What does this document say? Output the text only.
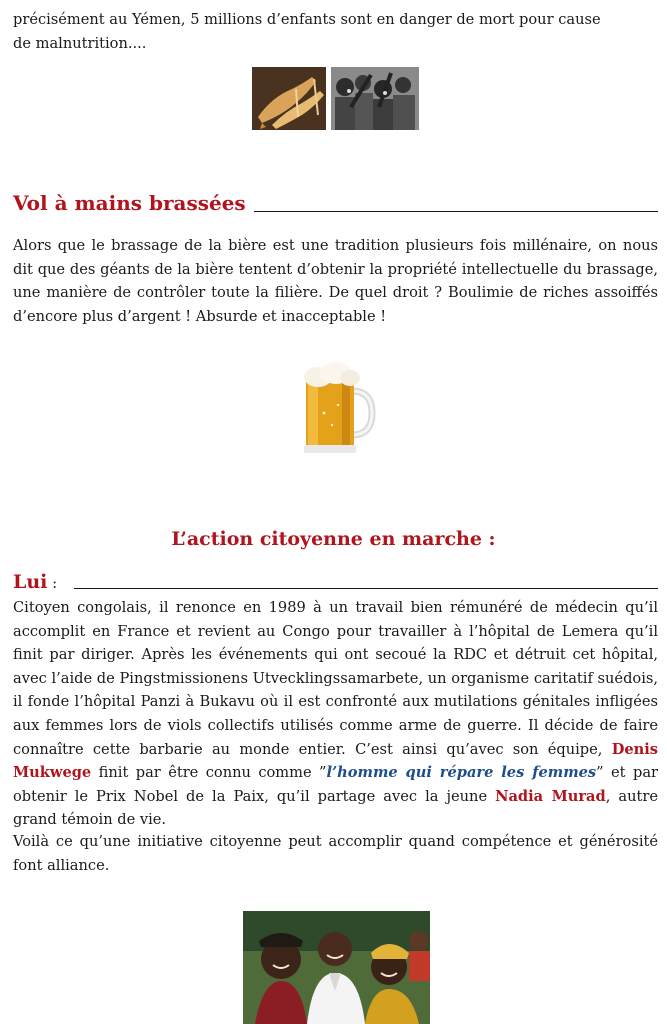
précisément au Yémen, 5 millions d’enfants sont en danger de mort pour cause
de malnutrition....

Vol à mains brassées

Alors que le brassage de la bière est une tradition plusieurs fois millénaire, on nous dit que des géants de la bière tentent d’obtenir la propriété intellectuelle du brassage, une manière de contrôler toute la filière. De quel droit ? Boulimie de riches assoiffés d’encore plus d’argent ! Absurde et inacceptable !

L’action citoyenne en marche :
Lui :

Citoyen congolais, il renonce en 1989 à un travail bien rémunéré de médecin qu’il accomplit en France et revient au Congo pour travailler à l’hôpital de Lemera qu’il finit par diriger. Après les événements qui ont secoué la RDC et détruit cet hôpital, avec l’aide de Pingstmissionens Utvecklingssamarbete, un organisme caritatif suédois, il fonde l’hôpital Panzi à Bukavu où il est confronté aux mutilations génitales infligées aux femmes lors de viols collectifs utilisés comme arme de guerre. Il décide de faire connaître cette barbarie au monde entier. C’est ainsi qu’avec son équipe, Denis Mukwege finit par être connu comme ”l’homme qui répare les femmes” et par obtenir le Prix Nobel de la Paix, qu’il partage avec la jeune Nadia Murad, autre grand témoin de vie.

Voilà ce qu’une initiative citoyenne peut accomplir quand compétence et générosité font alliance.
